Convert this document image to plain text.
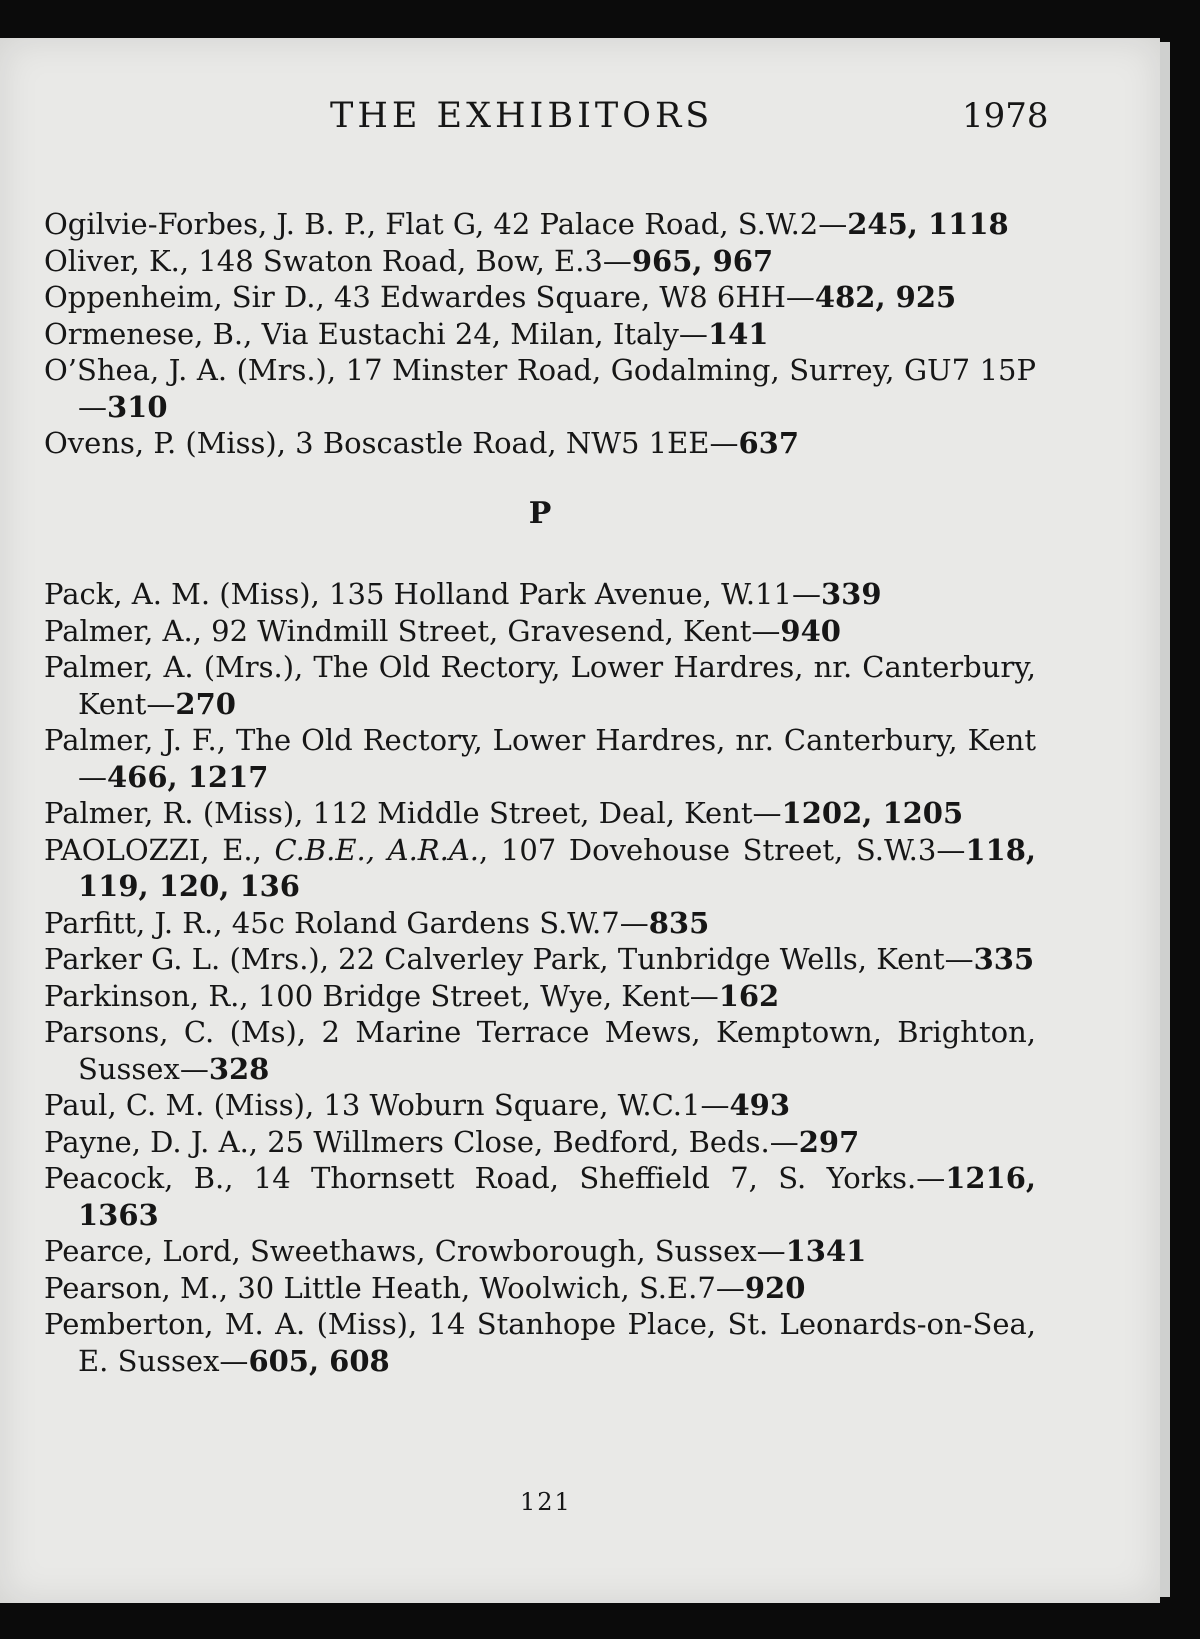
THE EXHIBITORS	1978
Ogilvie-Forbes, J. B. P., Flat G, 42 Palace Road, S.W.2—245, 1118
Oliver, K., 148 Swaton Road, Bow, E.3—965, 967
Oppenheim, Sir D., 43 Edwardes Square, W8 6HH—482, 925
Ormenese, B., Via Eustachi 24, Milan, Italy—141
O’Shea, J. A. (Mrs.), 17 Minster Road, Godalming, Surrey, GU7 15P—310
Ovens, P. (Miss), 3 Boscastle Road, NW5 1EE—637
P
Pack, A. M. (Miss), 135 Holland Park Avenue, W.11—339
Palmer, A., 92 Windmill Street, Gravesend, Kent—940
Palmer, A. (Mrs.), The Old Rectory, Lower Hardres, nr. Canterbury, Kent—270
Palmer, J. F., The Old Rectory, Lower Hardres, nr. Canterbury, Kent—466, 1217
Palmer, R. (Miss), 112 Middle Street, Deal, Kent—1202, 1205
PAOLOZZI, E., C.B.E., A.R.A., 107 Dovehouse Street, S.W.3—118, 119, 120, 136
Parfitt, J. R., 45c Roland Gardens S.W.7—835
Parker G. L. (Mrs.), 22 Calverley Park, Tunbridge Wells, Kent—335
Parkinson, R., 100 Bridge Street, Wye, Kent—162
Parsons, C. (Ms), 2 Marine Terrace Mews, Kemptown, Brighton, Sussex—328
Paul, C. M. (Miss), 13 Woburn Square, W.C.1—493
Payne, D. J. A., 25 Willmers Close, Bedford, Beds.—297
Peacock, B., 14 Thornsett Road, Sheffield 7, S. Yorks.—1216, 1363
Pearce, Lord, Sweethaws, Crowborough, Sussex—1341
Pearson, M., 30 Little Heath, Woolwich, S.E.7—920
Pemberton, M. A. (Miss), 14 Stanhope Place, St. Leonards-on-Sea, E. Sussex—605, 608
121
